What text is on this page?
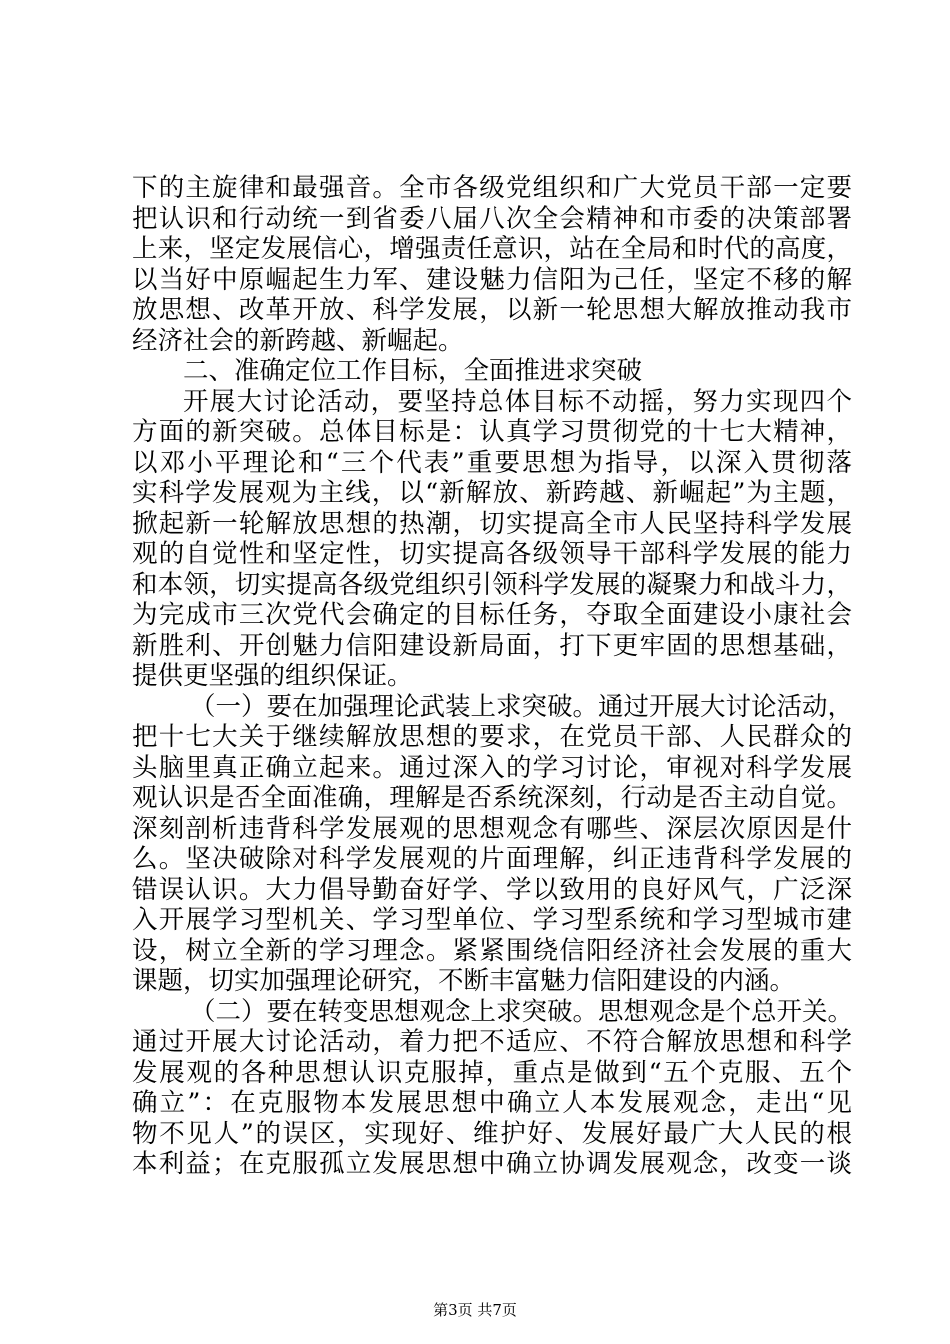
下的主旋律和最强音。全市各级党组织和广大党员干部一定要
把认识和行动统一到省委八届八次全会精神和市委的决策部署
上来，坚定发展信心，增强责任意识，站在全局和时代的高度，
以当好中原崛起生力军、建设魅力信阳为己任，坚定不移的解
放思想、改革开放、科学发展，以新一轮思想大解放推动我市
经济社会的新跨越、新崛起。
二、准确定位工作目标，全面推进求突破
开展大讨论活动，要坚持总体目标不动摇，努力实现四个
方面的新突破。总体目标是：认真学习贯彻党的十七大精神，
以邓小平理论和“三个代表”重要思想为指导，以深入贯彻落
实科学发展观为主线，以“新解放、新跨越、新崛起”为主题，
掀起新一轮解放思想的热潮，切实提高全市人民坚持科学发展
观的自觉性和坚定性，切实提高各级领导干部科学发展的能力
和本领，切实提高各级党组织引领科学发展的凝聚力和战斗力，
为完成市三次党代会确定的目标任务，夺取全面建设小康社会
新胜利、开创魅力信阳建设新局面，打下更牢固的思想基础，
提供更坚强的组织保证。
（一）要在加强理论武装上求突破。通过开展大讨论活动，
把十七大关于继续解放思想的要求，在党员干部、人民群众的
头脑里真正确立起来。通过深入的学习讨论，审视对科学发展
观认识是否全面准确，理解是否系统深刻，行动是否主动自觉。
深刻剖析违背科学发展观的思想观念有哪些、深层次原因是什
么。坚决破除对科学发展观的片面理解，纠正违背科学发展的
错误认识。大力倡导勤奋好学、学以致用的良好风气，广泛深
入开展学习型机关、学习型单位、学习型系统和学习型城市建
设，树立全新的学习理念。紧紧围绕信阳经济社会发展的重大
课题，切实加强理论研究，不断丰富魅力信阳建设的内涵。
（二）要在转变思想观念上求突破。思想观念是个总开关。
通过开展大讨论活动，着力把不适应、不符合解放思想和科学
发展观的各种思想认识克服掉，重点是做到“五个克服、五个
确立”：在克服物本发展思想中确立人本发展观念，走出“见
物不见人”的误区，实现好、维护好、发展好最广大人民的根
本利益；在克服孤立发展思想中确立协调发展观念，改变一谈
第3页 共7页
